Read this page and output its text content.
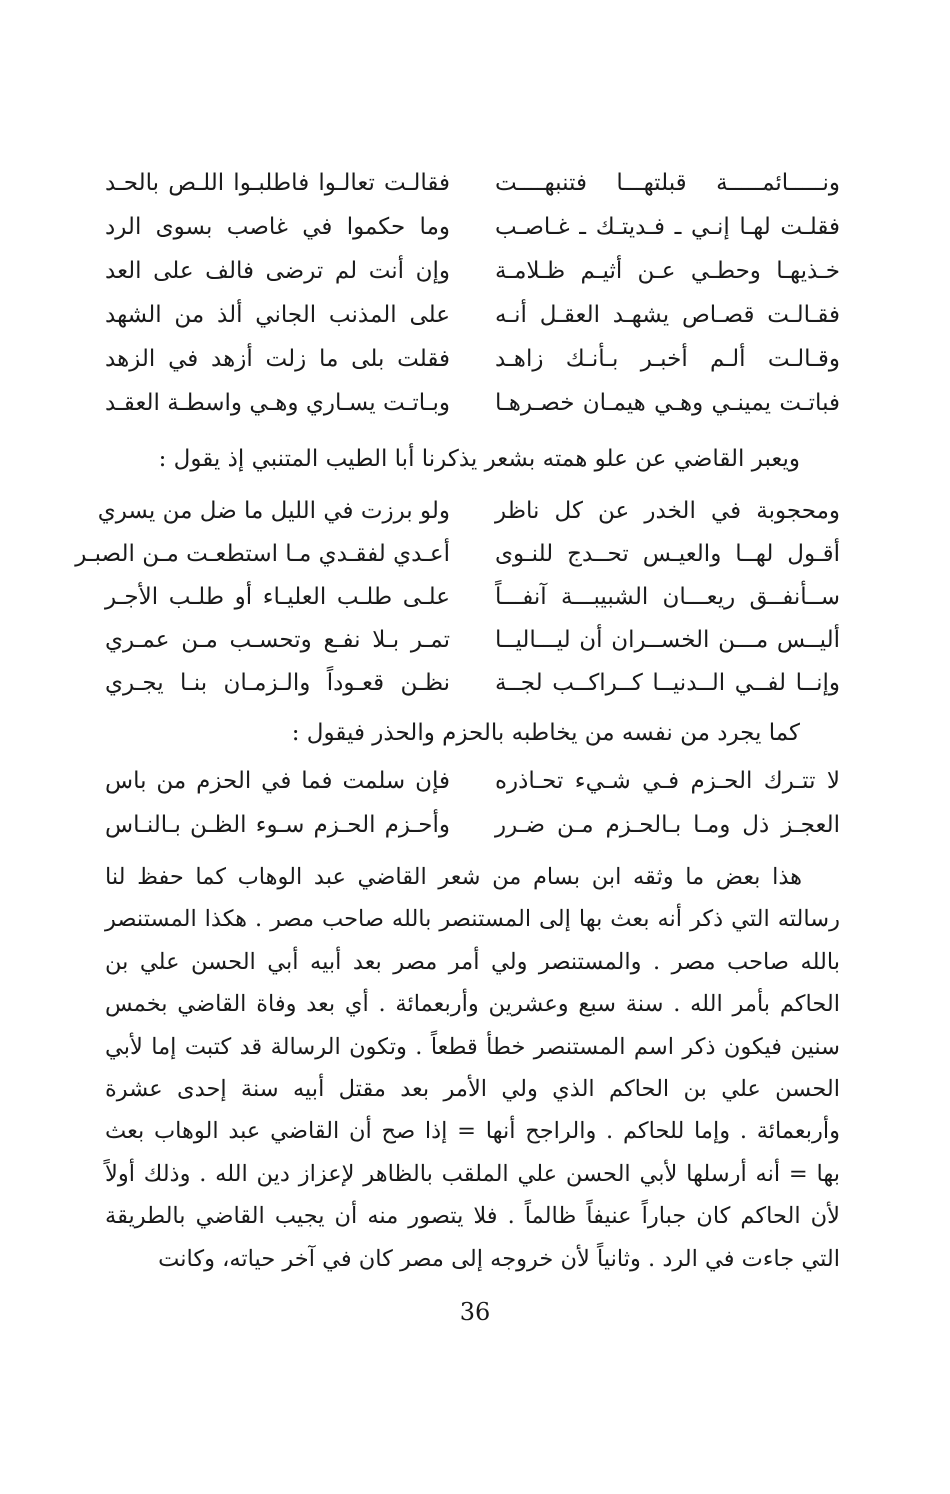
ونـــــائمـــــة قبلتهـــا فتنبهــــت
فقالـت تعالـوا فاطلبـوا اللـص بالحـد
فقلـت لهـا إنـي ـ فـديتـك ـ غـاصـب
وما حكموا في غاصب بسوى الرد
خـذيهـا وحطـي عـن أثيـم ظـلامـة
وإن أنت لم ترضى فالف على العد
فقـالـت قصـاص يشهـد العقـل أنـه
على المذنب الجاني ألذ من الشهد
وقـالـت ألـم أخبـر بـأنـك زاهـد
فقلت بلى ما زلت أزهد في الزهد
فباتـت يمينـي وهـي هيمـان خصـرهـا
وبـاتـت يسـاري وهـي واسطـة العقـد
ويعبر القاضي عن علو همته بشعر يذكرنا أبا الطيب المتنبي إذ يقول :
ومحجوبة في الخدر عن كل ناظر
ولو برزت في الليل ما ضل من يسري
أقـول لهــا والعيـس تحــدج للنـوى
أعـدي لفقـدي مـا استطعـت مـن الصبـر
ســأنفــق ريعـــان الشبيبـــة آنفـــاً
علـى طلـب العليـاء أو طلـب الأجـر
أليــس مـــن الخســران أن ليـــاليــا
تمـر بـلا نفـع وتحسـب مـن عمـري
وإنــا لفــي الــدنيــا كــراكــب لجــة
نظـن قعـوداً والـزمـان بنـا يجـري
كما يجرد من نفسه من يخاطبه بالحزم والحذر فيقول :
لا تتـرك الحـزم فـي شـيء تحـاذره
فإن سلمت فما في الحزم من باس
العجـز ذل ومـا بـالحـزم مـن ضـرر
وأحـزم الحـزم سـوء الظـن بـالنـاس
هذا بعض ما وثقه ابن بسام من شعر القاضي عبد الوهاب كما حفظ لنا
رسالته التي ذكر أنه بعث بها إلى المستنصر بالله صاحب مصر . هكذا المستنصر
بالله صاحب مصر . والمستنصر ولي أمر مصر بعد أبيه أبي الحسن علي بن
الحاكم بأمر الله . سنة سبع وعشرين وأربعمائة . أي بعد وفاة القاضي بخمس
سنين فيكون ذكر اسم المستنصر خطأ قطعاً . وتكون الرسالة قد كتبت إما لأبي
الحسن علي بن الحاكم الذي ولي الأمر بعد مقتل أبيه سنة إحدى عشرة
وأربعمائة . وإما للحاكم . والراجح أنها = إذا صح أن القاضي عبد الوهاب بعث
بها = أنه أرسلها لأبي الحسن علي الملقب بالظاهر لإعزاز دين الله . وذلك أولاً
لأن الحاكم كان جباراً عنيفاً ظالماً . فلا يتصور منه أن يجيب القاضي بالطريقة
التي جاءت في الرد . وثانياً لأن خروجه إلى مصر كان في آخر حياته، وكانت
36
